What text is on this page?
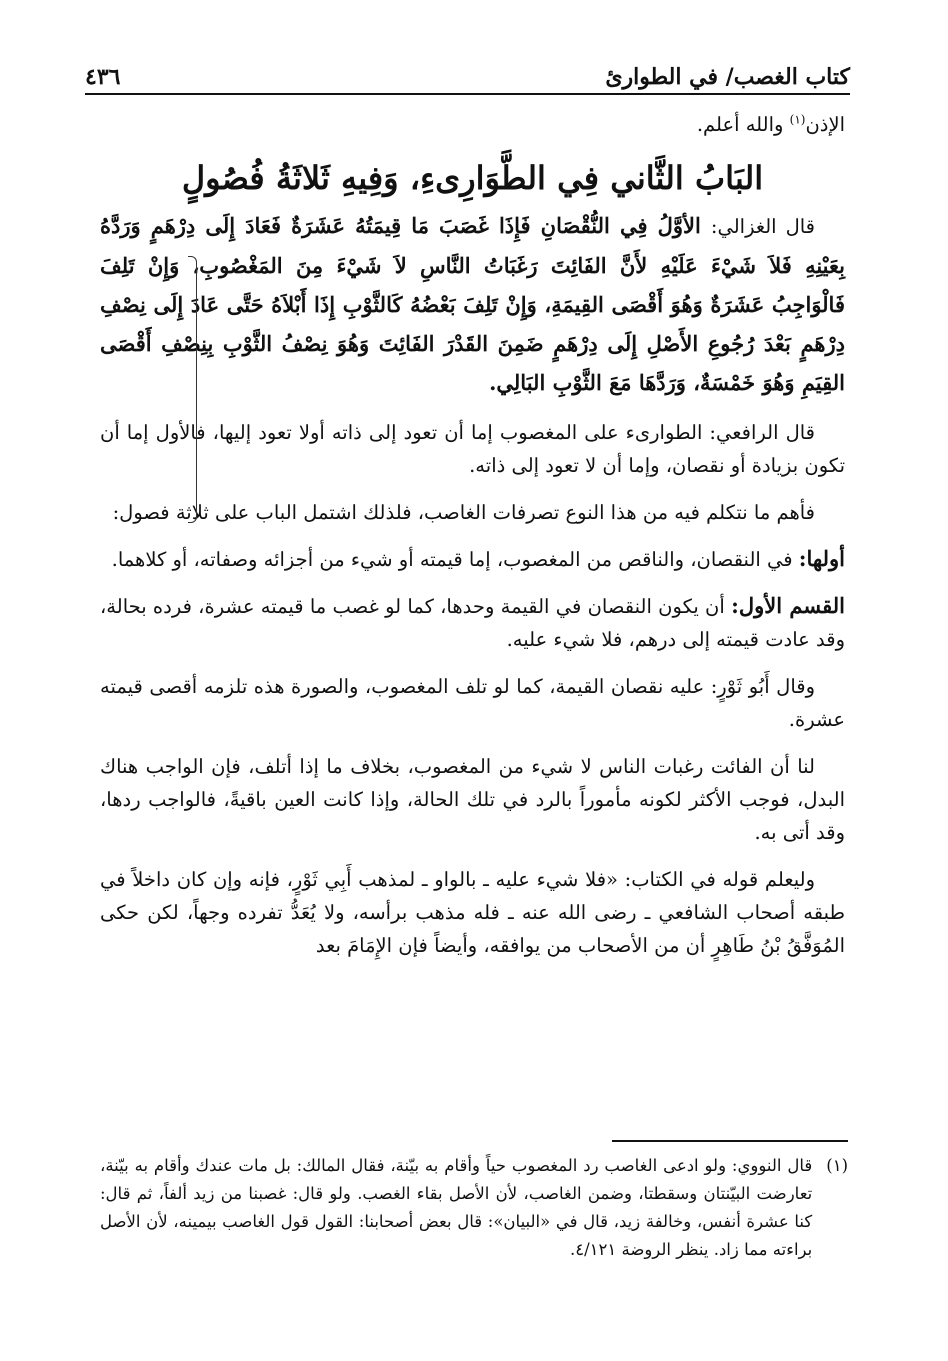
كتاب الغصب/ في الطوارئ
٤٣٦

الإذن$^{(١)}$ والله أعلم.

البَابُ الثَّاني فِي الطَّوَارِىءِ، وَفِيهِ ثَلاثَةُ فُصُولٍ

قال الغزالي: الأوَّلُ فِي النُّقْصَانِ فَإِذَا غَصَبَ مَا قِيمَتُهُ عَشَرَةٌ فَعَادَ إِلَى دِرْهَمٍ وَرَدَّهُ بِعَيْنِهِ فَلاَ شَيْءَ عَلَيْهِ لأَنَّ الفَائِتَ رَغَبَاتُ النَّاسِ لاَ شَيْءَ مِنَ المَغْصُوبِ، وَإِنْ تَلِفَ فَالْوَاجِبُ عَشَرَةٌ وَهُوَ أَقْصَى القِيمَةِ، وَإِنْ تَلِفَ بَعْضُهُ كَالثَّوْبِ إِذَا أَبْلاَهُ حَتَّى عَادَ إِلَى نِصْفِ دِرْهَمٍ بَعْدَ رُجُوعِ الأَصْلِ إِلَى دِرْهَمٍ ضَمِنَ القَدْرَ الفَائِتَ وَهُوَ نِصْفُ الثَّوْبِ بِنِصْفِ أَقْصَى القِيَمِ وَهُوَ خَمْسَةٌ، وَرَدَّهَا مَعَ الثَّوْبِ البَالِي.

قال الرافعي: الطوارىء على المغصوب إما أن تعود إلى ذاته أولا تعود إليها، فالأول إما أن تكون بزيادة أو نقصان، وإما أن لا تعود إلى ذاته.

فأهم ما نتكلم فيه من هذا النوع تصرفات الغاصب، فلذلك اشتمل الباب على ثلاثة فصول:

أولها: في النقصان، والناقص من المغصوب، إما قيمته أو شيء من أجزائه وصفاته، أو كلاهما.

القسم الأول: أن يكون النقصان في القيمة وحدها، كما لو غصب ما قيمته عشرة، فرده بحالة، وقد عادت قيمته إلى درهم، فلا شيء عليه.

وقال أَبُو ثَوْرٍ: عليه نقصان القيمة، كما لو تلف المغصوب، والصورة هذه تلزمه أقصى قيمته عشرة.

لنا أن الفائت رغبات الناس لا شيء من المغصوب، بخلاف ما إذا أتلف، فإن الواجب هناك البدل، فوجب الأكثر لكونه مأموراً بالرد في تلك الحالة، وإذا كانت العين باقيةً، فالواجب ردها، وقد أتى به.

وليعلم قوله في الكتاب: «فلا شيء عليه ـ بالواو ـ لمذهب أَبِي ثَوْرٍ، فإنه وإن كان داخلاً في طبقه أصحاب الشافعي ـ رضى الله عنه ـ فله مذهب برأسه، ولا يُعَدُّ تفرده وجهاً، لكن حكى المُوَفَّقُ بْنُ طَاهِرٍ أن من الأصحاب من يوافقه، وأيضاً فإن الإِمَامَ بعد

(١)
قال النووي: ولو ادعى الغاصب رد المغصوب حياً وأقام به بيّنة، فقال المالك: بل مات عندك وأقام به بيّنة، تعارضت البيّنتان وسقطتا، وضمن الغاصب، لأن الأصل بقاء الغصب. ولو قال: غصبنا من زيد ألفاً، ثم قال: كنا عشرة أنفس، وخالفة زيد، قال في «البيان»: قال بعض أصحابنا: القول قول الغاصب بيمينه، لأن الأصل براءته مما زاد. ينظر الروضة ٤/١٢١.
